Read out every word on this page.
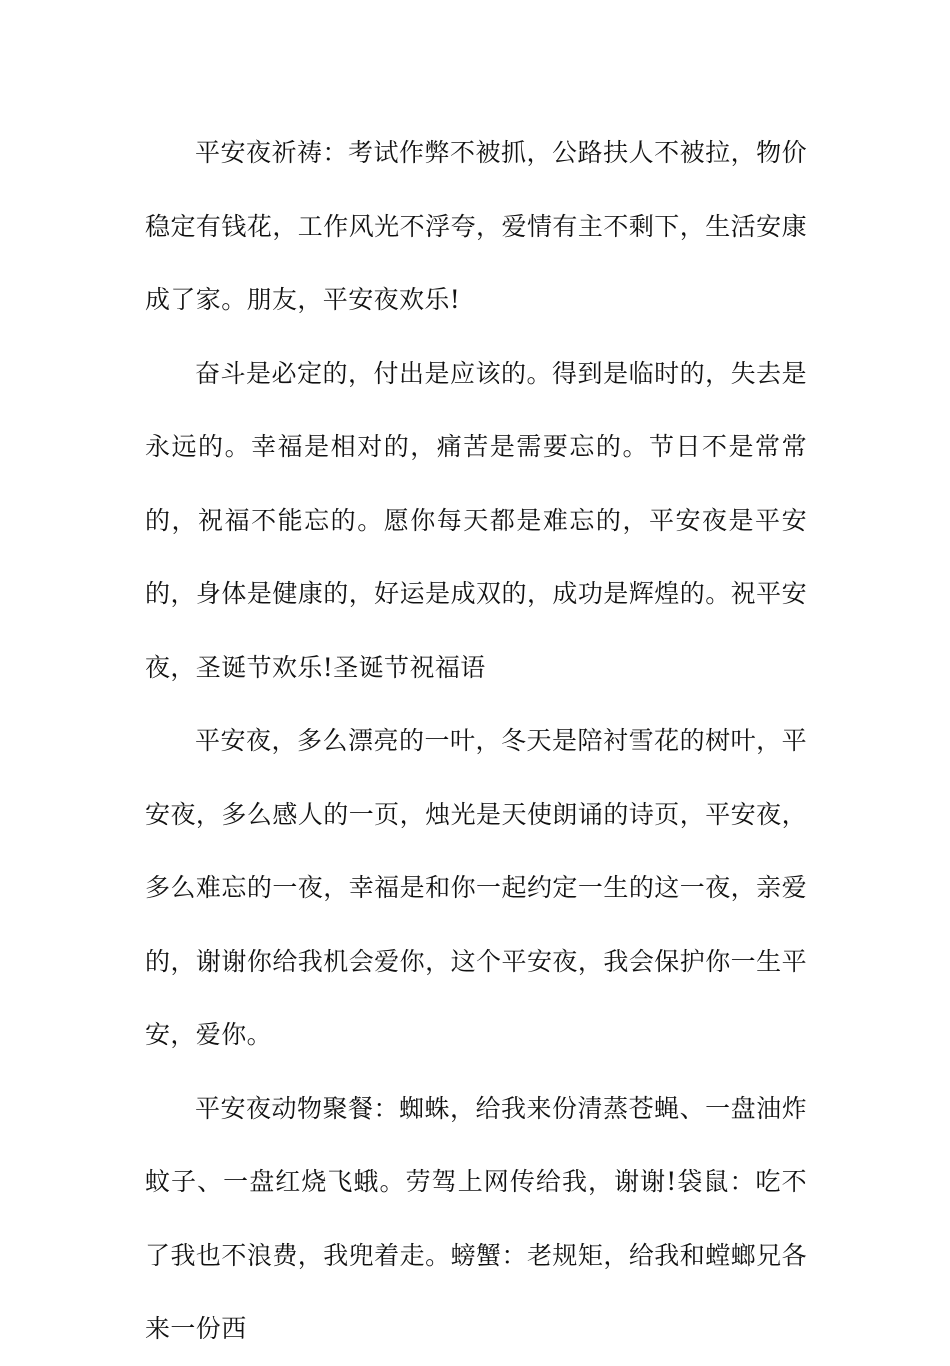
平安夜祈祷：考试作弊不被抓，公路扶人不被拉，物价稳定有钱花，工作风光不浮夸，爱情有主不剩下，生活安康成了家。朋友，平安夜欢乐!

奋斗是必定的，付出是应该的。得到是临时的，失去是永远的。幸福是相对的，痛苦是需要忘的。节日不是常常的，祝福不能忘的。愿你每天都是难忘的，平安夜是平安的，身体是健康的，好运是成双的，成功是辉煌的。祝平安夜，圣诞节欢乐!圣诞节祝福语

平安夜，多么漂亮的一叶，冬天是陪衬雪花的树叶，平安夜，多么感人的一页，烛光是天使朗诵的诗页，平安夜，多么难忘的一夜，幸福是和你一起约定一生的这一夜，亲爱的，谢谢你给我机会爱你，这个平安夜，我会保护你一生平安，爱你。

平安夜动物聚餐：蜘蛛，给我来份清蒸苍蝇、一盘油炸蚊子、一盘红烧飞蛾。劳驾上网传给我，谢谢!袋鼠：吃不了我也不浪费，我兜着走。螃蟹：老规矩，给我和螳螂兄各来一份西
